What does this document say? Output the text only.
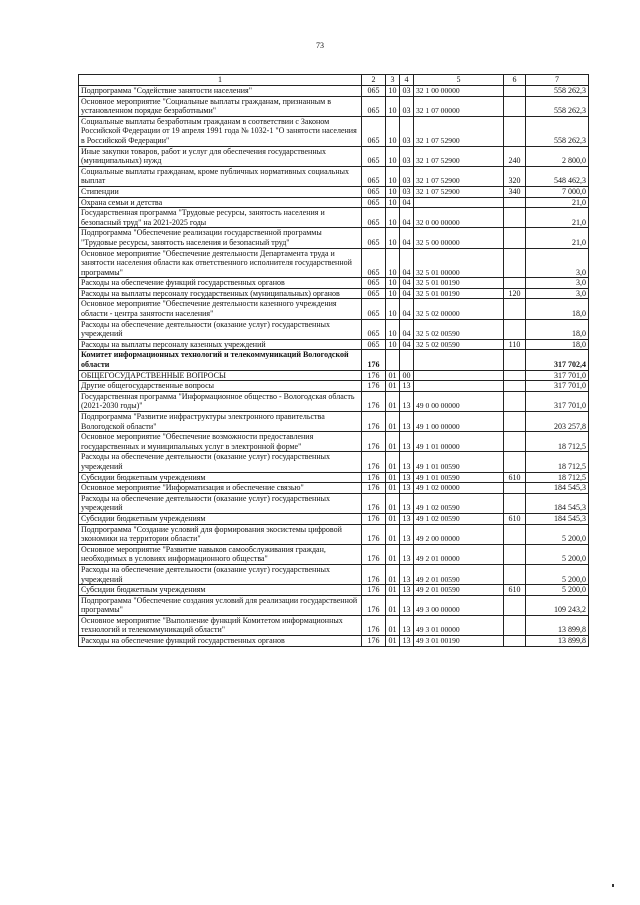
73
1	2	3	4	5	6	7
Подпрограмма "Содействие занятости населения"	065	10	03	32 1 00 00000		558 262,3
Основное мероприятие "Социальные выплаты гражданам, признанным в установленном порядке безработными"	065	10	03	32 1 07 00000		558 262,3
Социальные выплаты безработным гражданам в соответствии с Законом Российской Федерации от 19 апреля 1991 года № 1032-1 "О занятости населения в Российской Федерации"	065	10	03	32 1 07 52900		558 262,3
Иные закупки товаров, работ и услуг для обеспечения государственных (муниципальных) нужд	065	10	03	32 1 07 52900	240	2 800,0
Социальные выплаты гражданам, кроме публичных нормативных социальных выплат	065	10	03	32 1 07 52900	320	548 462,3
Стипендии	065	10	03	32 1 07 52900	340	7 000,0
Охрана семьи и детства	065	10	04			21,0
Государственная программа "Трудовые ресурсы, занятость населения и безопасный труд" на 2021-2025 годы	065	10	04	32 0 00 00000		21,0
Подпрограмма "Обеспечение реализации государственной программы "Трудовые ресурсы, занятость населения и безопасный труд"	065	10	04	32 5 00 00000		21,0
Основное мероприятие "Обеспечение деятельности Департамента труда и занятости населения области как ответственного исполнителя государственной программы"	065	10	04	32 5 01 00000		3,0
Расходы на обеспечение функций государственных органов	065	10	04	32 5 01 00190		3,0
Расходы на выплаты персоналу государственных (муниципальных) органов	065	10	04	32 5 01 00190	120	3,0
Основное мероприятие "Обеспечение деятельности казенного учреждения области - центра занятости населения"	065	10	04	32 5 02 00000		18,0
Расходы на обеспечение деятельности (оказание услуг) государственных учреждений	065	10	04	32 5 02 00590		18,0
Расходы на выплаты персоналу казенных учреждений	065	10	04	32 5 02 00590	110	18,0
Комитет информационных технологий и телекоммуникаций Вологодской области	176					317 702,4
ОБЩЕГОСУДАРСТВЕННЫЕ ВОПРОСЫ	176	01	00			317 701,0
Другие общегосударственные вопросы	176	01	13			317 701,0
Государственная программа "Информационное общество - Вологодская область (2021-2030 годы)"	176	01	13	49 0 00 00000		317 701,0
Подпрограмма "Развитие инфраструктуры электронного правительства Вологодской области"	176	01	13	49 1 00 00000		203 257,8
Основное мероприятие "Обеспечение возможности предоставления государственных и муниципальных услуг в электронной форме"	176	01	13	49 1 01 00000		18 712,5
Расходы на обеспечение деятельности (оказание услуг) государственных учреждений	176	01	13	49 1 01 00590		18 712,5
Субсидии бюджетным учреждениям	176	01	13	49 1 01 00590	610	18 712,5
Основное мероприятие "Информатизация и обеспечение связью"	176	01	13	49 1 02 00000		184 545,3
Расходы на обеспечение деятельности (оказание услуг) государственных учреждений	176	01	13	49 1 02 00590		184 545,3
Субсидии бюджетным учреждениям	176	01	13	49 1 02 00590	610	184 545,3
Подпрограмма "Создание условий для формирования экосистемы цифровой экономики на территории области"	176	01	13	49 2 00 00000		5 200,0
Основное мероприятие "Развитие навыков самообслуживания граждан, необходимых в условиях информационного общества"	176	01	13	49 2 01 00000		5 200,0
Расходы на обеспечение деятельности (оказание услуг) государственных учреждений	176	01	13	49 2 01 00590		5 200,0
Субсидии бюджетным учреждениям	176	01	13	49 2 01 00590	610	5 200,0
Подпрограмма "Обеспечение создания условий для реализации государственной программы"	176	01	13	49 3 00 00000		109 243,2
Основное мероприятие "Выполнение функций Комитетом информационных технологий и телекоммуникаций области"	176	01	13	49 3 01 00000		13 899,8
Расходы на обеспечение функций государственных органов	176	01	13	49 3 01 00190		13 899,8
